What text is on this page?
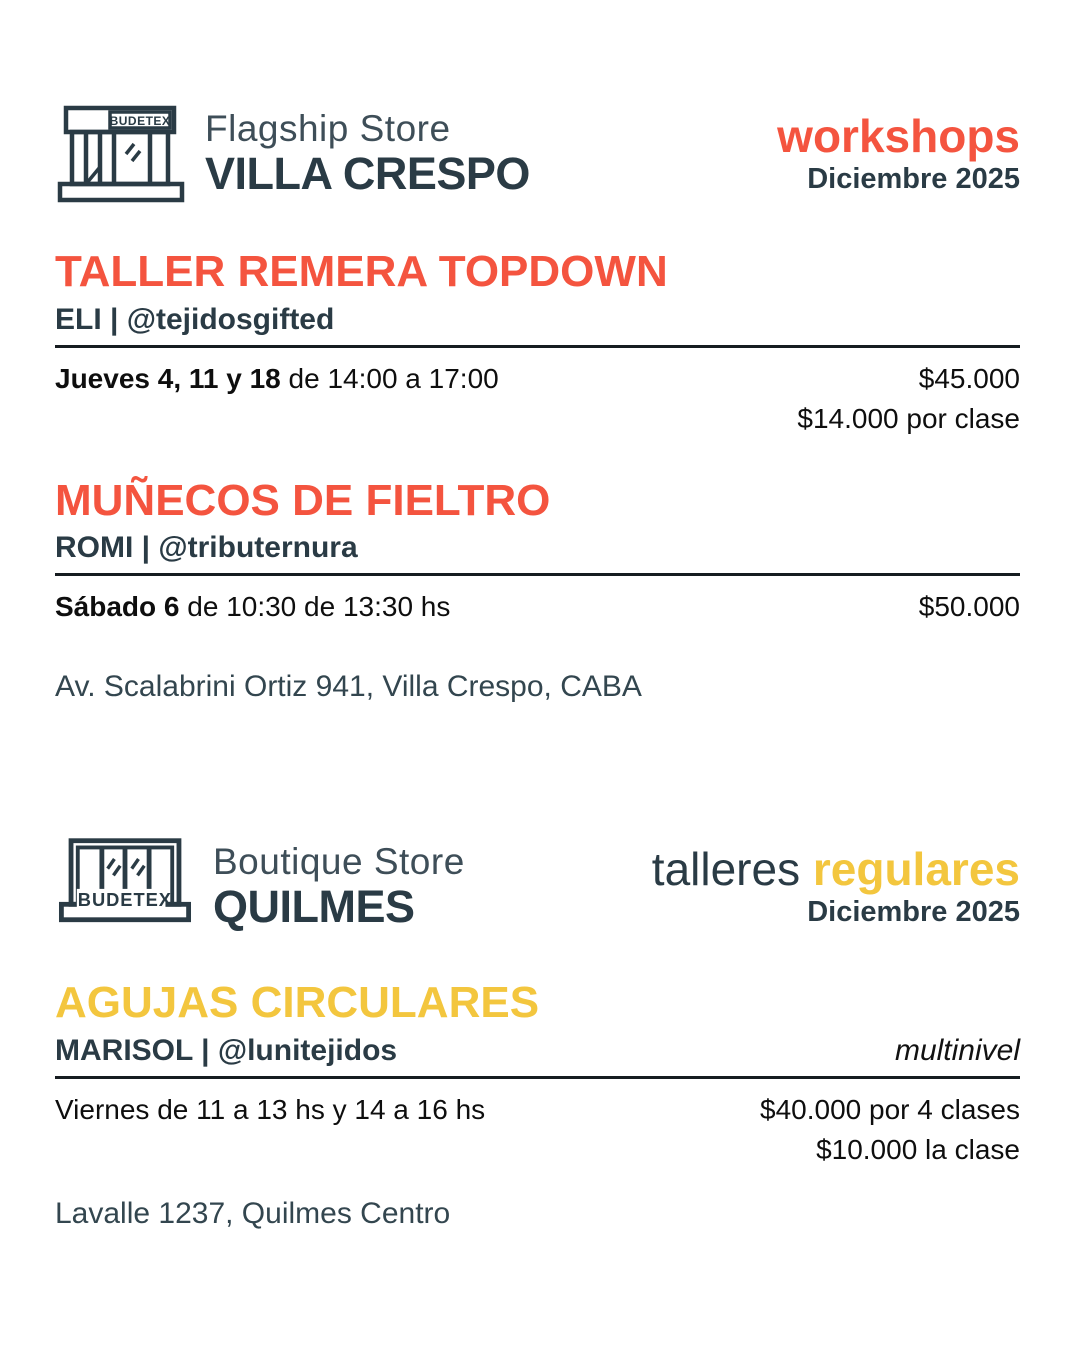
BUDETEX Flagship Store
VILLA CRESPO
workshops
Diciembre 2025
TALLER REMERA TOPDOWN
ELI | @tejidosgifted
Jueves 4, 11 y 18 de 14:00 a 17:00	$45.000
$14.000 por clase
MUÑECOS DE FIELTRO
ROMI | @tributernura
Sábado 6 de 10:30 de 13:30 hs	$50.000
Av. Scalabrini Ortiz 941, Villa Crespo, CABA
BUDETEX
Boutique Store
QUILMES
talleres regulares
Diciembre 2025
AGUJAS CIRCULARES
MARISOL | @lunitejidos	multinivel
Viernes de 11 a 13 hs y 14 a 16 hs	$40.000 por 4 clases
$10.000 la clase
Lavalle 1237, Quilmes Centro
